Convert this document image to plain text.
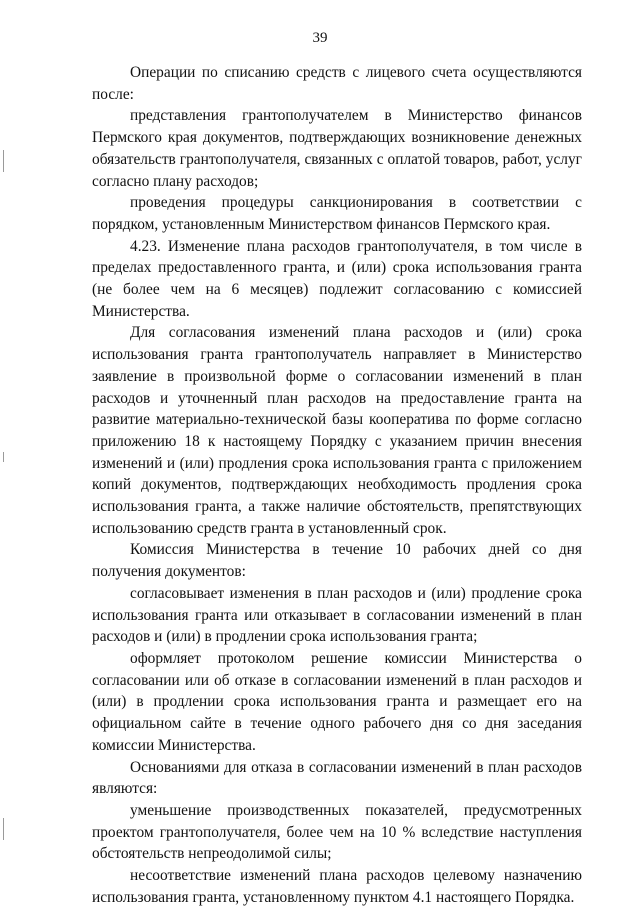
39

Операции по списанию средств с лицевого счета осуществляются после:

представления грантополучателем в Министерство финансов Пермского края документов, подтверждающих возникновение денежных обязательств грантополучателя, связанных с оплатой товаров, работ, услуг согласно плану расходов;

проведения процедуры санкционирования в соответствии с порядком, установленным Министерством финансов Пермского края.

4.23. Изменение плана расходов грантополучателя, в том числе в пределах предоставленного гранта, и (или) срока использования гранта (не более чем на 6 месяцев) подлежит согласованию с комиссией Министерства.

Для согласования изменений плана расходов и (или) срока использования гранта грантополучатель направляет в Министерство заявление в произвольной форме о согласовании изменений в план расходов и уточненный план расходов на предоставление гранта на развитие материально-технической базы кооператива по форме согласно приложению 18 к настоящему Порядку с указанием причин внесения изменений и (или) продления срока использования гранта с приложением копий документов, подтверждающих необходимость продления срока использования гранта, а также наличие обстоятельств, препятствующих использованию средств гранта в установленный срок.

Комиссия Министерства в течение 10 рабочих дней со дня получения документов:

согласовывает изменения в план расходов и (или) продление срока использования гранта или отказывает в согласовании изменений в план расходов и (или) в продлении срока использования гранта;

оформляет протоколом решение комиссии Министерства о согласовании или об отказе в согласовании изменений в план расходов и (или) в продлении срока использования гранта и размещает его на официальном сайте в течение одного рабочего дня со дня заседания комиссии Министерства.

Основаниями для отказа в согласовании изменений в план расходов являются:

уменьшение производственных показателей, предусмотренных проектом грантополучателя, более чем на 10 % вследствие наступления обстоятельств непреодолимой силы;

несоответствие изменений плана расходов целевому назначению использования гранта, установленному пунктом 4.1 настоящего Порядка.
